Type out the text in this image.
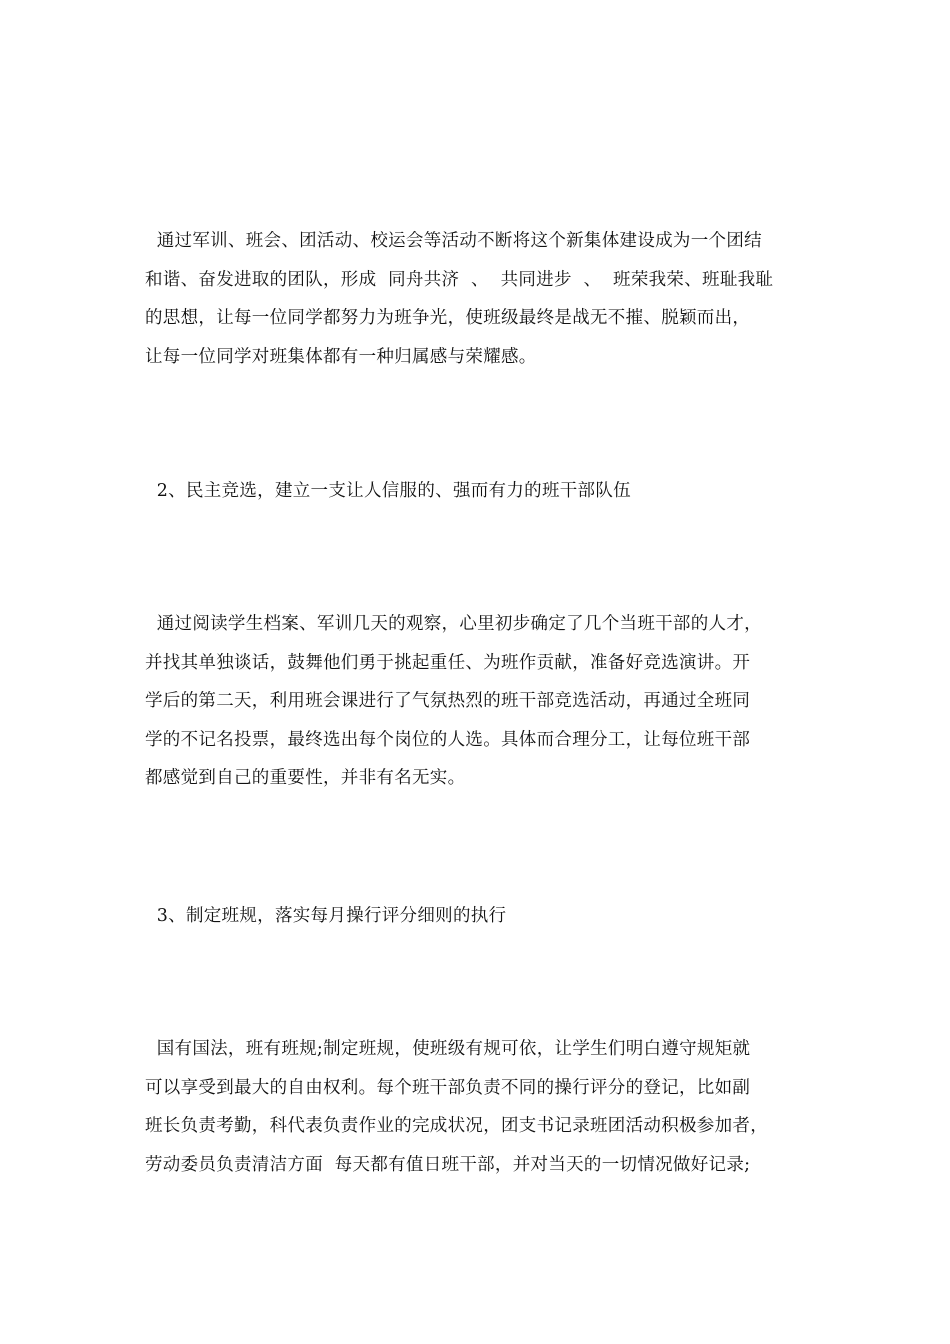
通过军训、班会、团活动、校运会等活动不断将这个新集体建设成为一个团结
和谐、奋发进取的团队，形成  同舟共济  、  共同进步  、  班荣我荣、班耻我耻
的思想，让每一位同学都努力为班争光，使班级最终是战无不摧、脱颖而出，
让每一位同学对班集体都有一种归属感与荣耀感。
2、民主竞选，建立一支让人信服的、强而有力的班干部队伍
通过阅读学生档案、军训几天的观察，心里初步确定了几个当班干部的人才，
并找其单独谈话，鼓舞他们勇于挑起重任、为班作贡献，准备好竞选演讲。开
学后的第二天，利用班会课进行了气氛热烈的班干部竞选活动，再通过全班同
学的不记名投票，最终选出每个岗位的人选。具体而合理分工，让每位班干部
都感觉到自己的重要性，并非有名无实。
3、制定班规，落实每月操行评分细则的执行
国有国法，班有班规;制定班规，使班级有规可依，让学生们明白遵守规矩就
可以享受到最大的自由权利。每个班干部负责不同的操行评分的登记，比如副
班长负责考勤，科代表负责作业的完成状况，团支书记录班团活动积极参加者，
劳动委员负责清洁方面  每天都有值日班干部，并对当天的一切情况做好记录;
